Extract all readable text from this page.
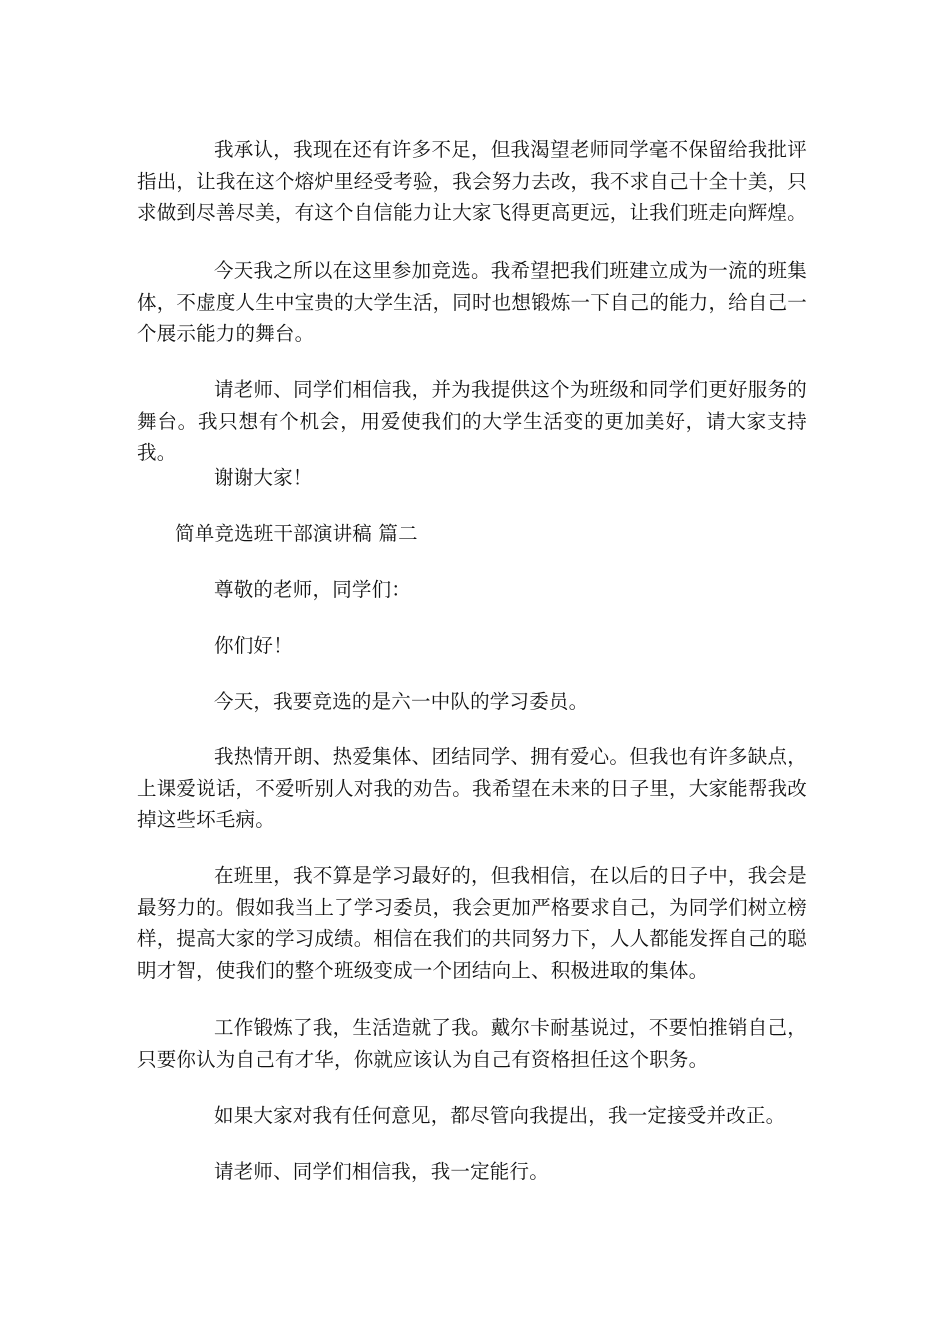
我承认，我现在还有许多不足，但我渴望老师同学毫不保留给我批评指出，让我在这个熔炉里经受考验，我会努力去改，我不求自己十全十美，只求做到尽善尽美，有这个自信能力让大家飞得更高更远，让我们班走向辉煌。

今天我之所以在这里参加竞选。我希望把我们班建立成为一流的班集体，不虚度人生中宝贵的大学生活，同时也想锻炼一下自己的能力，给自己一个展示能力的舞台。

请老师、同学们相信我，并为我提供这个为班级和同学们更好服务的舞台。我只想有个机会，用爱使我们的大学生活变的更加美好，请大家支持我。

谢谢大家！

简单竞选班干部演讲稿 篇二

尊敬的老师，同学们：

你们好！

今天，我要竞选的是六一中队的学习委员。

我热情开朗、热爱集体、团结同学、拥有爱心。但我也有许多缺点，上课爱说话，不爱听别人对我的劝告。我希望在未来的日子里，大家能帮我改掉这些坏毛病。

在班里，我不算是学习最好的，但我相信，在以后的日子中，我会是最努力的。假如我当上了学习委员，我会更加严格要求自己，为同学们树立榜样，提高大家的学习成绩。相信在我们的共同努力下，人人都能发挥自己的聪明才智，使我们的整个班级变成一个团结向上、积极进取的集体。

工作锻炼了我，生活造就了我。戴尔卡耐基说过，不要怕推销自己，只要你认为自己有才华，你就应该认为自己有资格担任这个职务。

如果大家对我有任何意见，都尽管向我提出，我一定接受并改正。

请老师、同学们相信我，我一定能行。
